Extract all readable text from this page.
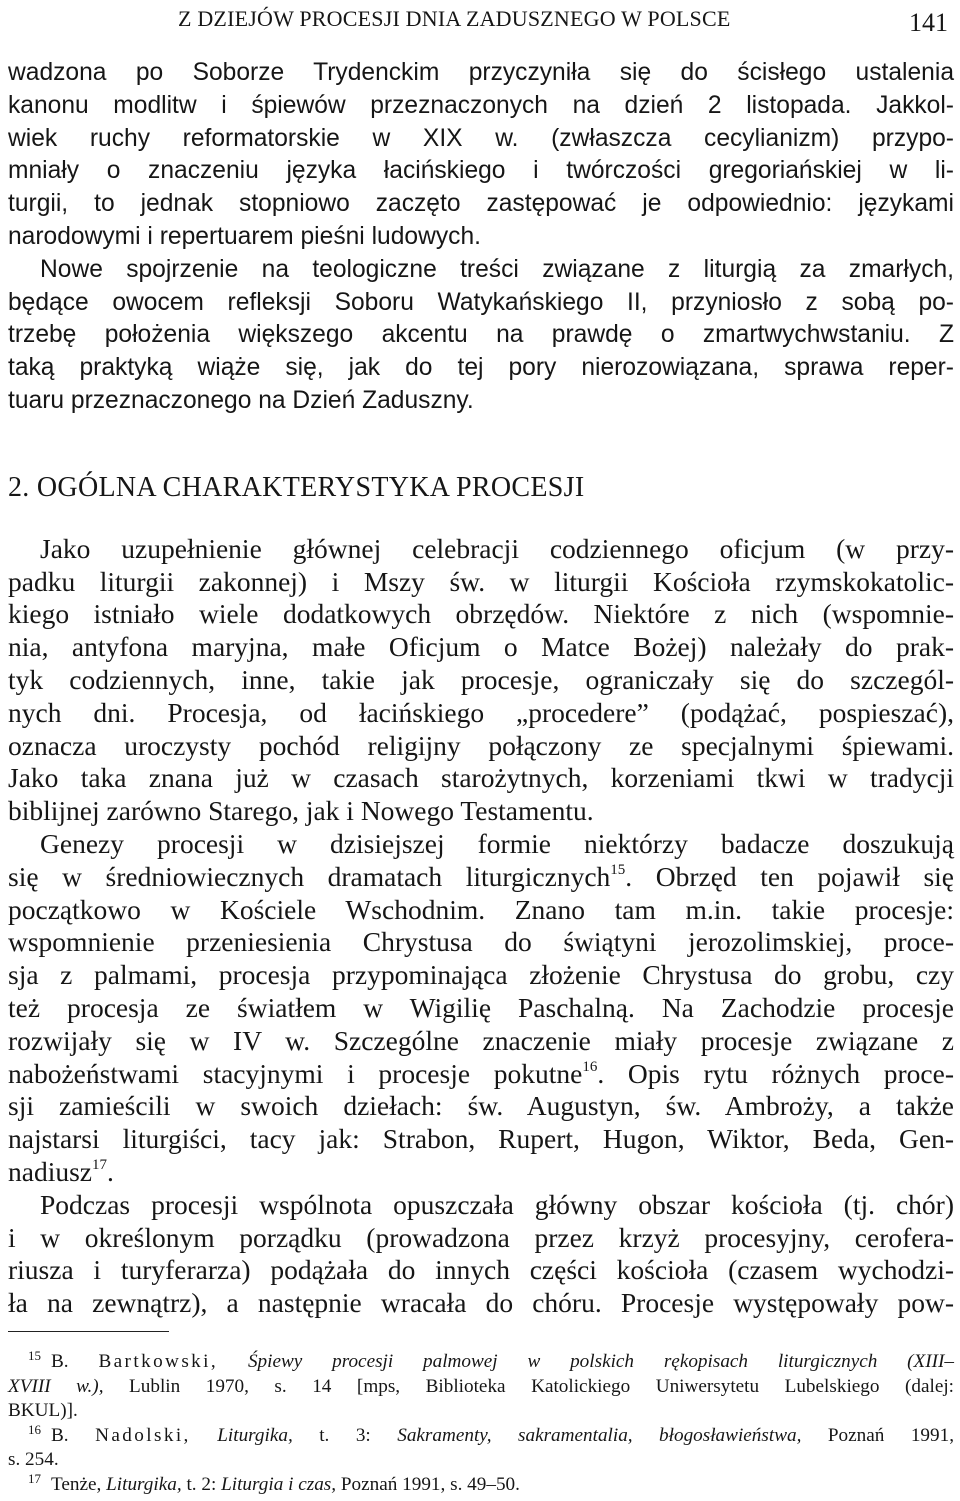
Z DZIEJÓW PROCESJI DNIA ZADUSZNEGO W POLSCE	141
wadzona po Soborze Trydenckim przyczyniła się do ścisłego ustalenia
kanonu modlitw i śpiewów przeznaczonych na dzień 2 listopada. Jakkol-
wiek ruchy reformatorskie w XIX w. (zwłaszcza cecylianizm) przypo-
mniały o znaczeniu języka łacińskiego i twórczości gregoriańskiej w li-
turgii, to jednak stopniowo zaczęto zastępować je odpowiednio: językami
narodowymi i repertuarem pieśni ludowych.
Nowe spojrzenie na teologiczne treści związane z liturgią za zmarłych,
będące owocem refleksji Soboru Watykańskiego II, przyniosło z sobą po-
trzebę położenia większego akcentu na prawdę o zmartwychwstaniu. Z
taką praktyką wiąże się, jak do tej pory nierozowiązana, sprawa reper-
tuaru przeznaczonego na Dzień Zaduszny.
2. OGÓLNA CHARAKTERYSTYKA PROCESJI
Jako uzupełnienie głównej celebracji codziennego oficjum (w przy-
padku liturgii zakonnej) i Mszy św. w liturgii Kościoła rzymskokatolic-
kiego istniało wiele dodatkowych obrzędów. Niektóre z nich (wspomnie-
nia, antyfona maryjna, małe Oficjum o Matce Bożej) należały do prak-
tyk codziennych, inne, takie jak procesje, ograniczały się do szczegól-
nych dni. Procesja, od łacińskiego „procedere” (podążać, pospieszać),
oznacza uroczysty pochód religijny połączony ze specjalnymi śpiewami.
Jako taka znana już w czasach starożytnych, korzeniami tkwi w tradycji
biblijnej zarówno Starego, jak i Nowego Testamentu.
Genezy procesji w dzisiejszej formie niektórzy badacze doszukują
się w średniowiecznych dramatach liturgicznych$^{15}$. Obrzęd ten pojawił się
początkowo w Kościele Wschodnim. Znano tam m.in. takie procesje:
wspomnienie przeniesienia Chrystusa do świątyni jerozolimskiej, proce-
sja z palmami, procesja przypominająca złożenie Chrystusa do grobu, czy
też procesja ze światłem w Wigilię Paschalną. Na Zachodzie procesje
rozwijały się w IV w. Szczególne znaczenie miały procesje związane z
nabożeństwami stacyjnymi i procesje pokutne$^{16}$. Opis rytu różnych proce-
sji zamieścili w swoich dziełach: św. Augustyn, św. Ambroży, a także
najstarsi liturgiści, tacy jak: Strabon, Rupert, Hugon, Wiktor, Beda, Gen-
nadiusz$^{17}$.
Podczas procesji wspólnota opuszczała główny obszar kościoła (tj. chór)
i w określonym porządku (prowadzona przez krzyż procesyjny, cerofera-
riusza i turyferarza) podążała do innych części kościoła (czasem wychodzi-
ła na zewnątrz), a następnie wracała do chóru. Procesje występowały pow-
$^{15}$ B. Bartkowski, Śpiewy procesji palmowej w polskich rękopisach liturgicznych (XIII–
XVIII w.), Lublin 1970, s. 14 [mps, Biblioteka Katolickiego Uniwersytetu Lubelskiego (dalej:
BKUL)].
$^{16}$ B. Nadolski, Liturgika, t. 3: Sakramenty, sakramentalia, błogosławieństwa, Poznań 1991,
s. 254.
$^{17}$ Tenże, Liturgika, t. 2: Liturgia i czas, Poznań 1991, s. 49–50.
